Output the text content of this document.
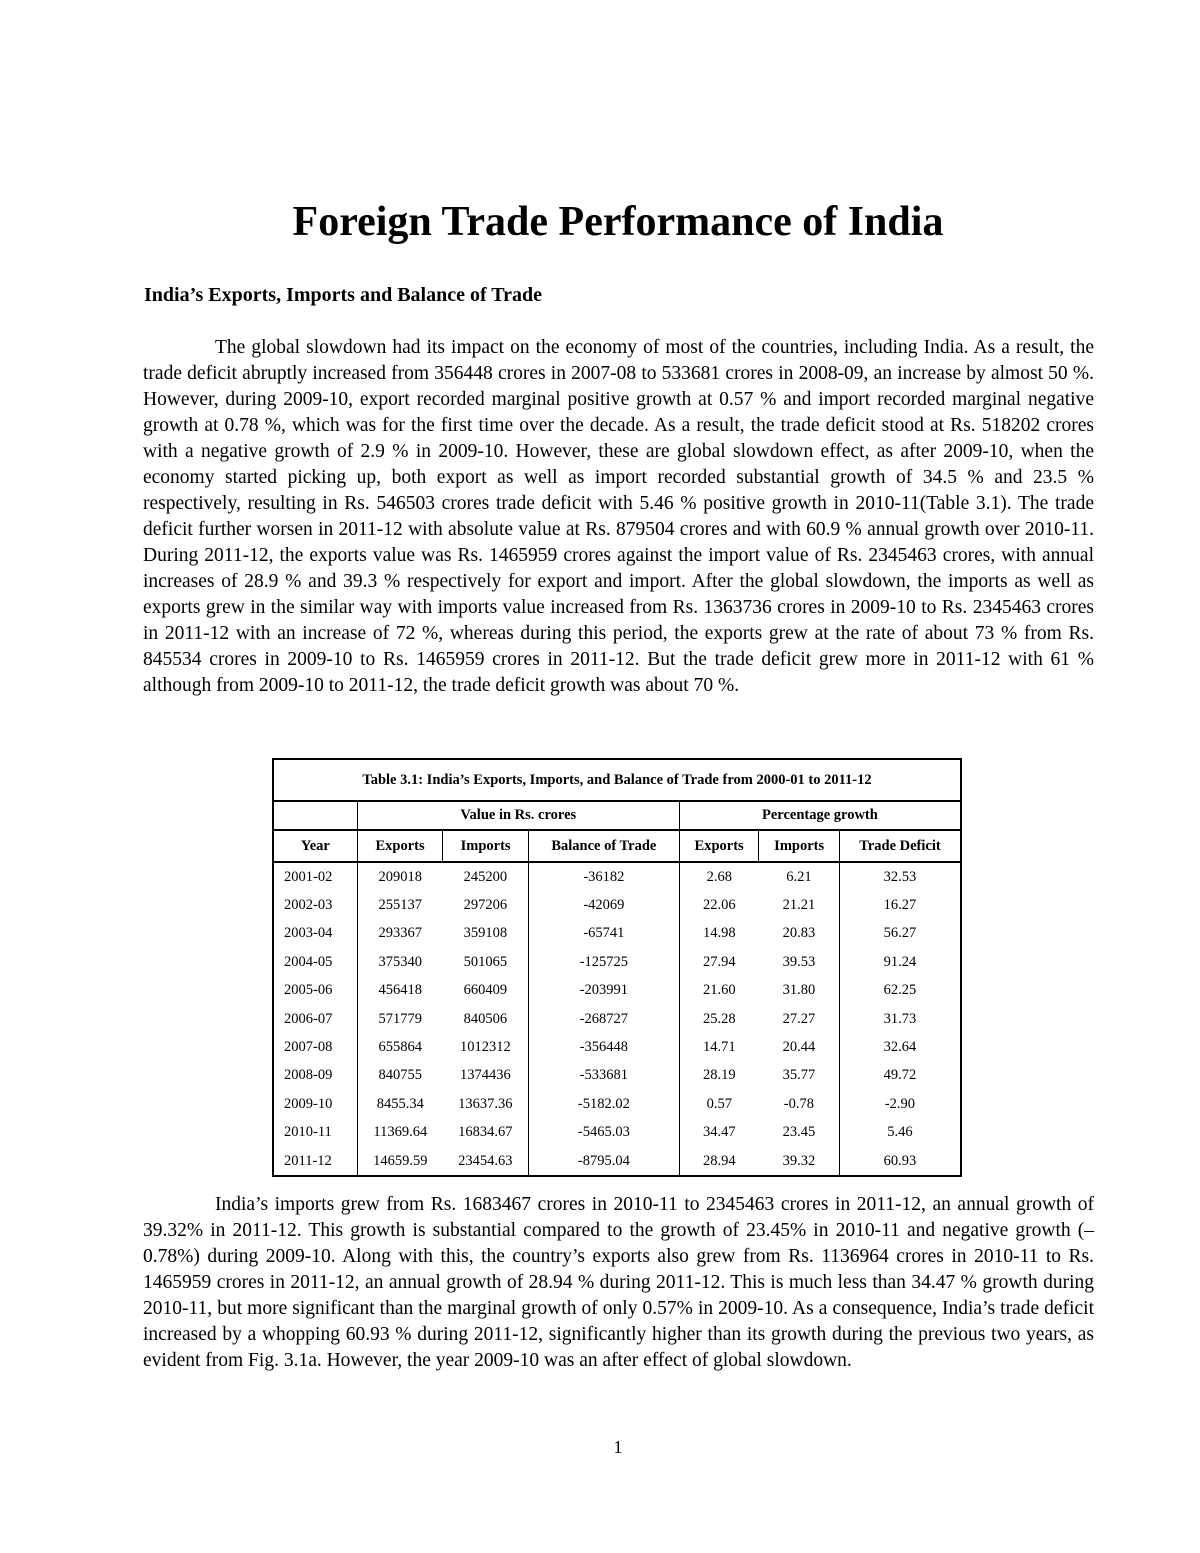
Foreign Trade Performance of India
India’s Exports, Imports and Balance of Trade

The global slowdown had its impact on the economy of most of the countries, including India. As a result, the trade deficit abruptly increased from 356448 crores in 2007-08 to 533681 crores in 2008-09, an increase by almost 50 %. However, during 2009-10, export recorded marginal positive growth at 0.57 % and import recorded marginal negative growth at 0.78 %, which was for the first time over the decade. As a result, the trade deficit stood at Rs. 518202 crores with a negative growth of 2.9 % in 2009-10. However, these are global slowdown effect, as after 2009-10, when the economy started picking up, both export as well as import recorded substantial growth of 34.5 % and 23.5 % respectively, resulting in Rs. 546503 crores trade deficit with 5.46 % positive growth in 2010-11(Table 3.1). The trade deficit further worsen in 2011-12 with absolute value at Rs. 879504 crores and with 60.9 % annual growth over 2010-11. During 2011-12, the exports value was Rs. 1465959 crores against the import value of Rs. 2345463 crores, with annual increases of 28.9 % and 39.3 % respectively for export and import. After the global slowdown, the imports as well as exports grew in the similar way with imports value increased from Rs. 1363736 crores in 2009-10 to Rs. 2345463 crores in 2011-12 with an increase of 72 %, whereas during this period, the exports grew at the rate of about 73 % from Rs. 845534 crores in 2009-10 to Rs. 1465959 crores in 2011-12. But the trade deficit grew more in 2011-12 with 61 % although from 2009-10 to 2011-12, the trade deficit growth was about 70 %.

Table 3.1: India’s Exports, Imports, and Balance of Trade from 2000-01 to 2011-12						
	Value in Rs. crores			Percentage growth		
Year	Exports	Imports	Balance of Trade	Exports	Imports	Trade Deficit
2001-02	209018	245200	-36182	2.68	6.21	32.53
2002-03	255137	297206	-42069	22.06	21.21	16.27
2003-04	293367	359108	-65741	14.98	20.83	56.27
2004-05	375340	501065	-125725	27.94	39.53	91.24
2005-06	456418	660409	-203991	21.60	31.80	62.25
2006-07	571779	840506	-268727	25.28	27.27	31.73
2007-08	655864	1012312	-356448	14.71	20.44	32.64
2008-09	840755	1374436	-533681	28.19	35.77	49.72
2009-10	8455.34	13637.36	-5182.02	0.57	-0.78	-2.90
2010-11	11369.64	16834.67	-5465.03	34.47	23.45	5.46
2011-12	14659.59	23454.63	-8795.04	28.94	39.32	60.93

India’s imports grew from Rs. 1683467 crores in 2010-11 to 2345463 crores in 2011-12, an annual growth of 39.32% in 2011-12. This growth is substantial compared to the growth of 23.45% in 2010-11 and negative growth (– 0.78%) during 2009-10. Along with this, the country’s exports also grew from Rs. 1136964 crores in 2010-11 to Rs. 1465959 crores in 2011-12, an annual growth of 28.94 % during 2011-12. This is much less than 34.47 % growth during 2010-11, but more significant than the marginal growth of only 0.57% in 2009-10. As a consequence, India’s trade deficit increased by a whopping 60.93 % during 2011-12, significantly higher than its growth during the previous two years, as evident from Fig. 3.1a. However, the year 2009-10 was an after effect of global slowdown.

1
